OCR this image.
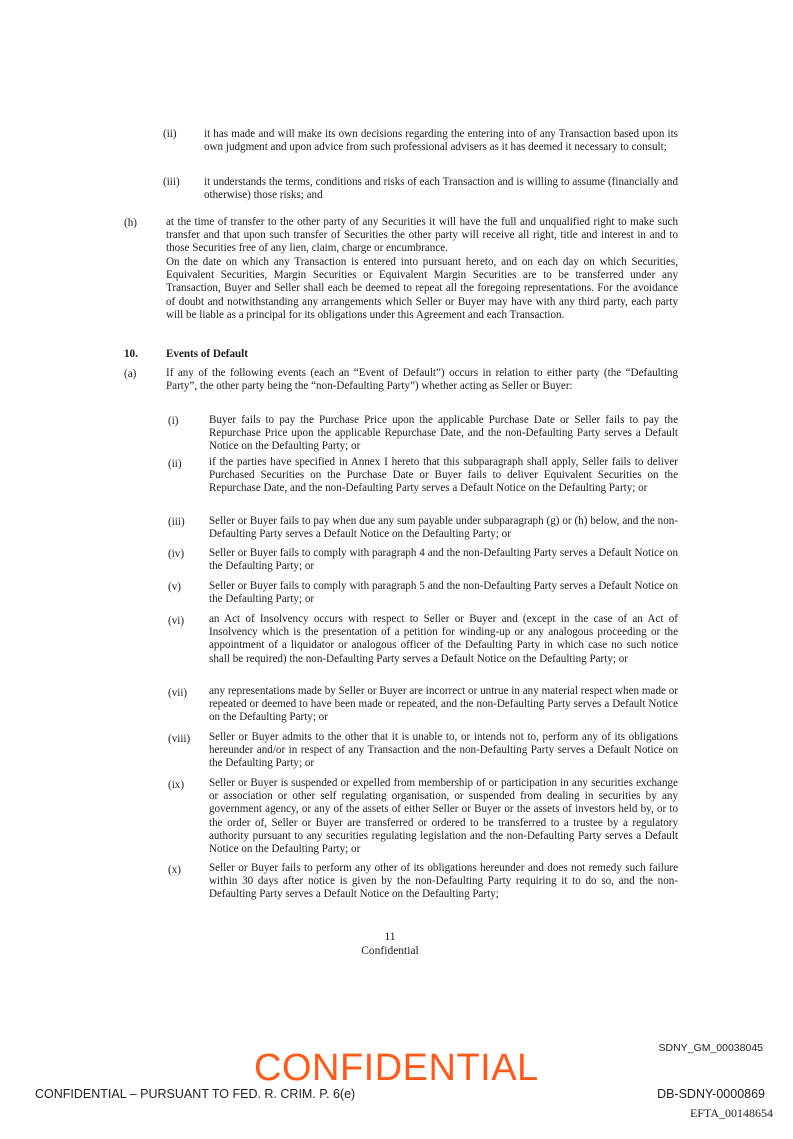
(ii) it has made and will make its own decisions regarding the entering into of any Transaction based upon its own judgment and upon advice from such professional advisers as it has deemed it necessary to consult;

(iii) it understands the terms, conditions and risks of each Transaction and is willing to assume (financially and otherwise) those risks; and

(h)	at the time of transfer to the other party of any Securities it will have the full and unqualified right to make such transfer and that upon such transfer of Securities the other party will receive all right, title and interest in and to those Securities free of any lien, claim, charge or encumbrance.

On the date on which any Transaction is entered into pursuant hereto, and on each day on which Securities, Equivalent Securities, Margin Securities or Equivalent Margin Securities are to be transferred under any Transaction, Buyer and Seller shall each be deemed to repeat all the foregoing representations. For the avoidance of doubt and notwithstanding any arrangements which Seller or Buyer may have with any third party, each party will be liable as a principal for its obligations under this Agreement and each Transaction.

10.	Events of Default
(a)	If any of the following events (each an “Event of Default”) occurs in relation to either party (the “Defaulting Party”, the other party being the “non-Defaulting Party”) whether acting as Seller or Buyer:

(i)	Buyer fails to pay the Purchase Price upon the applicable Purchase Date or Seller fails to pay the Repurchase Price upon the applicable Repurchase Date, and the non-Defaulting Party serves a Default Notice on the Defaulting Party; or

(ii) if the parties have specified in Annex I hereto that this subparagraph shall apply, Seller fails to deliver Purchased Securities on the Purchase Date or Buyer fails to deliver Equivalent Securities on the Repurchase Date, and the non-Defaulting Party serves a Default Notice on the Defaulting Party; or

(iii) Seller or Buyer fails to pay when due any sum payable under subparagraph (g) or (h) below, and the non-Defaulting Party serves a Default Notice on the Defaulting Party; or

(iv) Seller or Buyer fails to comply with paragraph 4 and the non-Defaulting Party serves a Default Notice on the Defaulting Party; or

(v)	Seller or Buyer fails to comply with paragraph 5 and the non-Defaulting Party serves a Default Notice on the Defaulting Party; or

(vi) an Act of Insolvency occurs with respect to Seller or Buyer and (except in the case of an Act of Insolvency which is the presentation of a petition for winding-up or any analogous proceeding or the appointment of a liquidator or analogous officer of the Defaulting Party in which case no such notice shall be required) the non-Defaulting Party serves a Default Notice on the Defaulting Party; or

(vii) any representations made by Seller or Buyer are incorrect or untrue in any material respect when made or repeated or deemed to have been made or repeated, and the non-Defaulting Party serves a Default Notice on the Defaulting Party; or

(viii) Seller or Buyer admits to the other that it is unable to, or intends not to, perform any of its obligations hereunder and/or in respect of any Transaction and the non-Defaulting Party serves a Default Notice on the Defaulting Party; or

(ix) Seller or Buyer is suspended or expelled from membership of or participation in any securities exchange or association or other self regulating organisation, or suspended from dealing in securities by any government agency, or any of the assets of either Seller or Buyer or the assets of investors held by, or to the order of, Seller or Buyer are transferred or ordered to be transferred to a trustee by a regulatory authority pursuant to any securities regulating legislation and the non-Defaulting Party serves a Default Notice on the Defaulting Party; or

(x)	Seller or Buyer fails to perform any other of its obligations hereunder and does not remedy such failure within 30 days after notice is given by the non-Defaulting Party requiring it to do so, and the non-Defaulting Party serves a Default Notice on the Defaulting Party;

11
Confidential
SDNY_GM_00038045
CONFIDENTIAL
CONFIDENTIAL – PURSUANT TO FED. R. CRIM. P. 6(e)	DB-SDNY-0000869
EFTA_00148654
